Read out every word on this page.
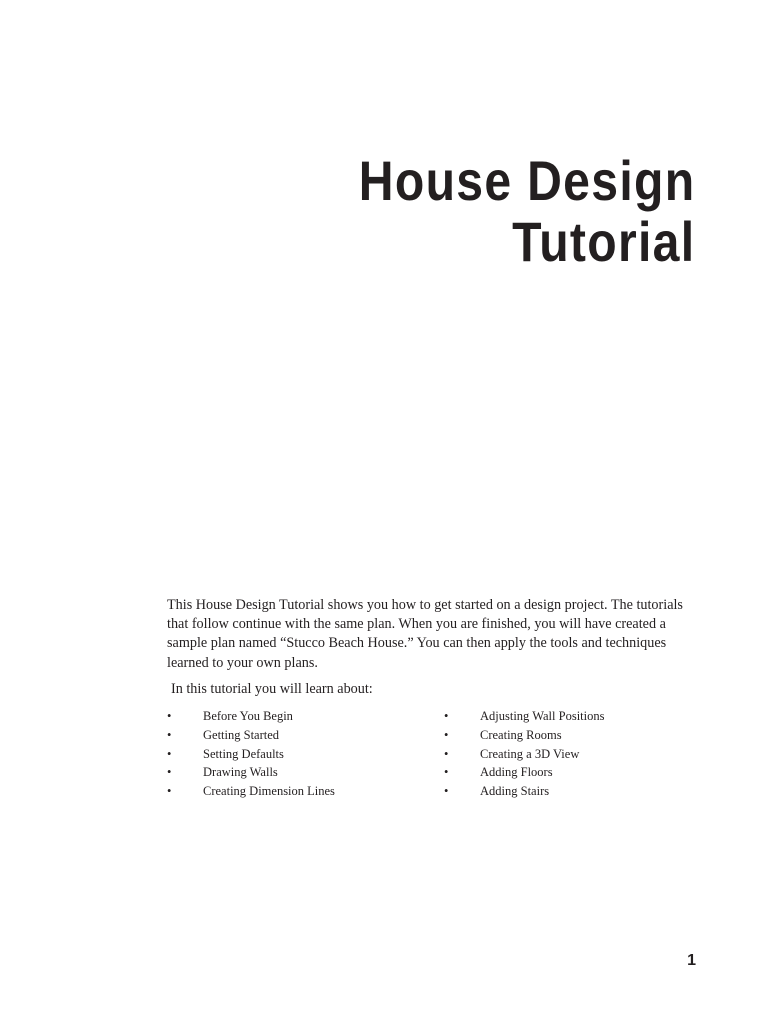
House Design
Tutorial

This House Design Tutorial shows you how to get started on a design project. The tutorials that follow continue with the same plan. When you are finished, you will have created a sample plan named “Stucco Beach House.” You can then apply the tools and techniques learned to your own plans.

In this tutorial you will learn about:

•	Before You Begin
•	Getting Started
•	Setting Defaults
•	Drawing Walls
•	Creating Dimension Lines
•	Adjusting Wall Positions
•	Creating Rooms
•	Creating a 3D View
•	Adding Floors
•	Adding Stairs

1
